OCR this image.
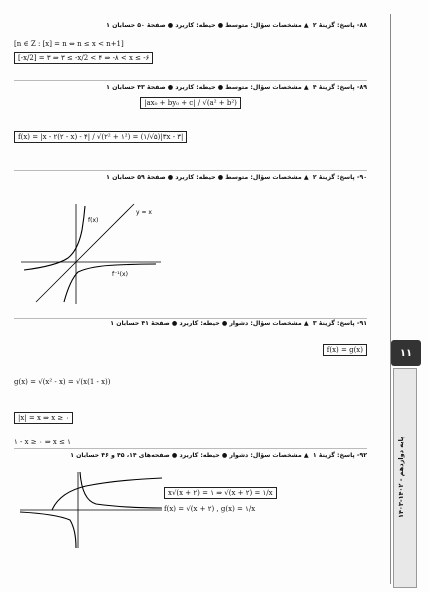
۸۸- پاسخ: گزینهٔ ۲  ▲ مشخصات سؤال: متوسط ● حیطه: کاربرد ● صفحهٔ ۵۰ حسابان ۱
[n ∈ Z : [x] = n ⇔ n ≤ x < n+1]
[-x/2] = ۳ ⇒ ۳ ≤ -x/2 < ۴ ⇒ -۸ < x ≤ -۶
۸۹- پاسخ: گزینهٔ ۴  ▲ مشخصات سؤال: متوسط ● حیطه: کاربرد ● صفحهٔ ۴۳ حسابان ۱
|ax₀ + by₀ + c| / √(a² + b²)
f(x) = |x - ۲(۲ - x) - ۴| / √(۲² + ۱²) = (۱/√۵)|۳x - ۳|
۹۰- پاسخ: گزینهٔ ۲  ▲ مشخصات سؤال: متوسط ● حیطه: کاربرد ● صفحهٔ ۵۹ حسابان ۱
y = x
f(x)
f⁻¹(x)
۹۱- پاسخ: گزینهٔ ۳  ▲ مشخصات سؤال: دشوار ● حیطه: کاربرد ● صفحهٔ ۴۱ حسابان ۱
f(x) = g(x)
g(x) = √(x² - x) = √(x(1 - x))
|x| = x ⇒ x ≥ ۰
۱ - x ≥ ۰ ⇒ x ≤ ۱
۹۲- پاسخ: گزینهٔ ۱  ▲ مشخصات سؤال: دشوار ● حیطه: کاربرد ● صفحه‌های ۱۴، ۴۵ و ۴۶ حسابان ۱
x√(x + ۲) = ۱ ⇒ √(x + ۲) = ۱/x
f(x) = √(x + ۲) , g(x) = ۱/x
۱۱
پایه دوازدهم - ۱۴۰۲-۱۴۰۳
